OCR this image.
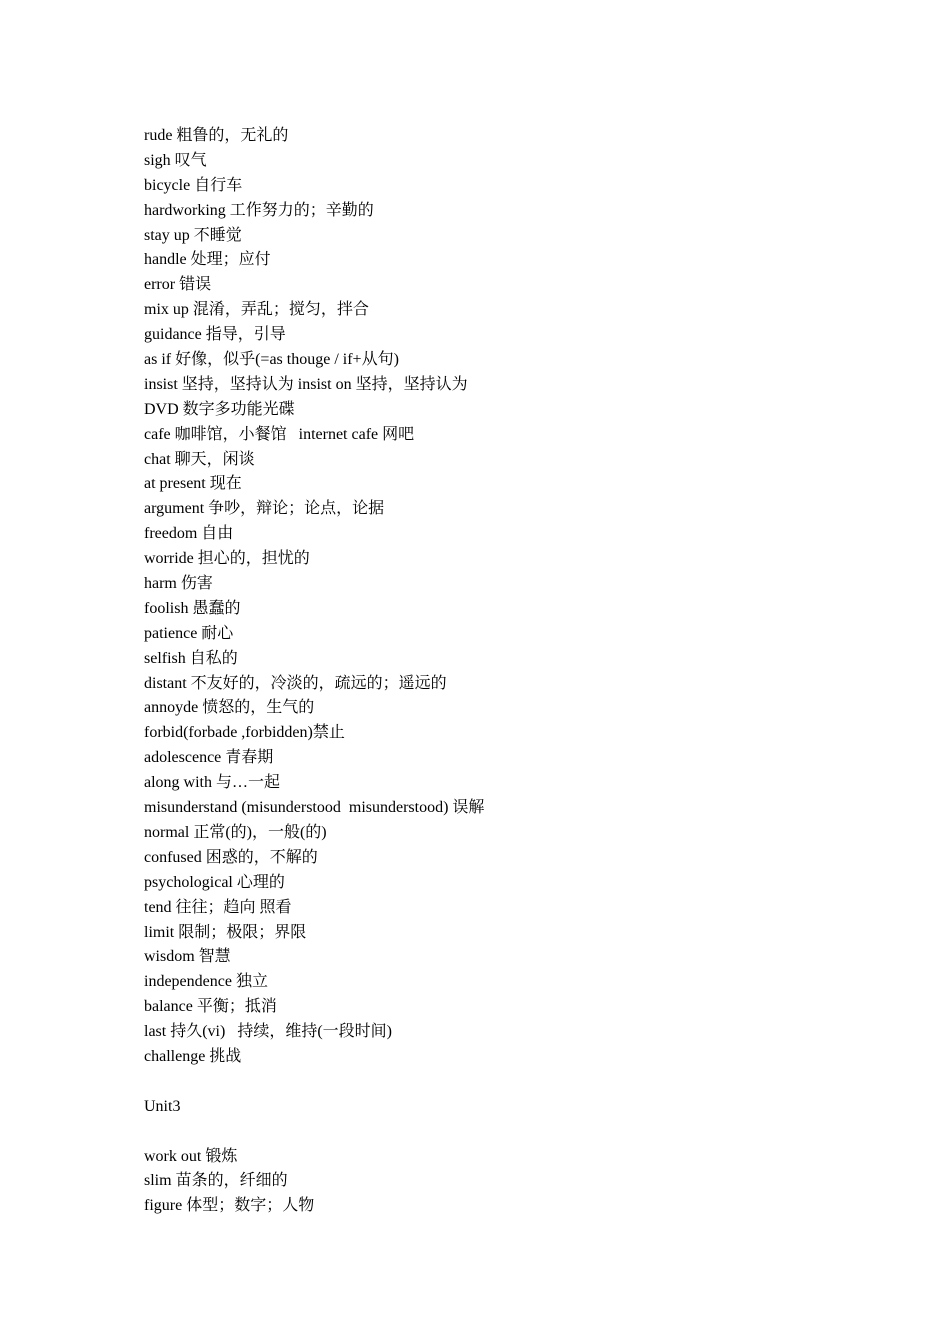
rude 粗鲁的，无礼的
sigh 叹气
bicycle 自行车
hardworking 工作努力的；辛勤的
stay up 不睡觉
handle 处理；应付
error 错误
mix up 混淆，弄乱；搅匀，拌合
guidance 指导，引导
as if 好像，似乎(=as thouge / if+从句)
insist 坚持，坚持认为 insist on 坚持，坚持认为
DVD 数字多功能光碟
cafe 咖啡馆，小餐馆   internet cafe 网吧
chat 聊天，闲谈
at present 现在
argument 争吵，辩论；论点，论据
freedom 自由
worride 担心的，担忧的
harm 伤害
foolish 愚蠢的
patience 耐心
selfish 自私的
distant 不友好的，冷淡的，疏远的；遥远的
annoyde 愤怒的，生气的
forbid(forbade ,forbidden)禁止
adolescence 青春期
along with 与…一起
misunderstand (misunderstood  misunderstood) 误解
normal 正常(的)，一般(的)
confused 困惑的，不解的
psychological 心理的
tend 往往；趋向 照看
limit 限制；极限；界限
wisdom 智慧
independence 独立
balance 平衡；抵消
last 持久(vi)   持续，维持(一段时间)
challenge 挑战
Unit3
work out 锻炼
slim 苗条的，纤细的
figure 体型；数字；人物
